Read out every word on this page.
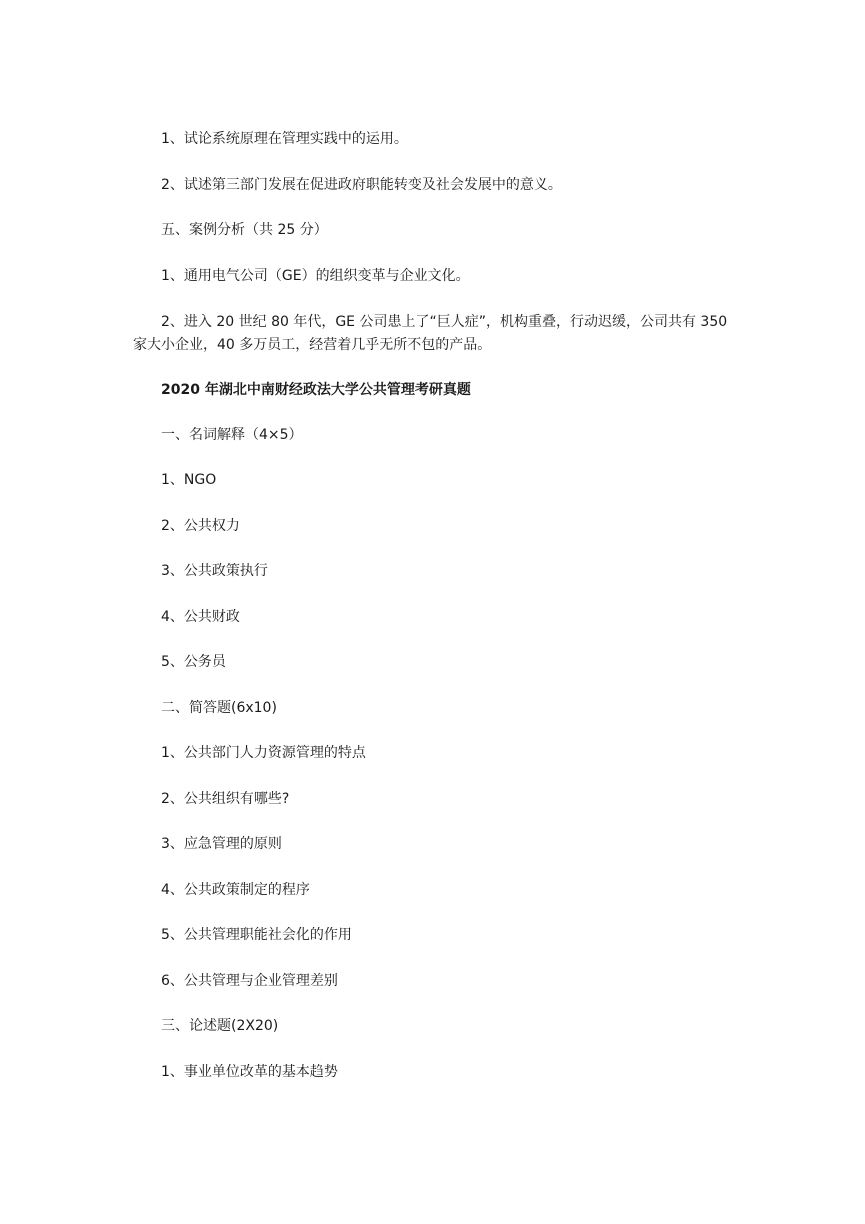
1、试论系统原理在管理实践中的运用。
2、试述第三部门发展在促进政府职能转变及社会发展中的意义。
五、案例分析（共 25 分）
1、通用电气公司（GE）的组织变革与企业文化。
2、进入 20 世纪 80 年代，GE 公司患上了“巨人症”，机构重叠，行动迟缓，公司共有 350 家大小企业，40 多万员工，经营着几乎无所不包的产品。
2020 年湖北中南财经政法大学公共管理考研真题
一、名词解释（4×5）
1、NGO
2、公共权力
3、公共政策执行
4、公共财政
5、公务员
二、简答题(6x10)
1、公共部门人力资源管理的特点
2、公共组织有哪些?
3、应急管理的原则
4、公共政策制定的程序
5、公共管理职能社会化的作用
6、公共管理与企业管理差别
三、论述题(2X20)
1、事业单位改革的基本趋势
